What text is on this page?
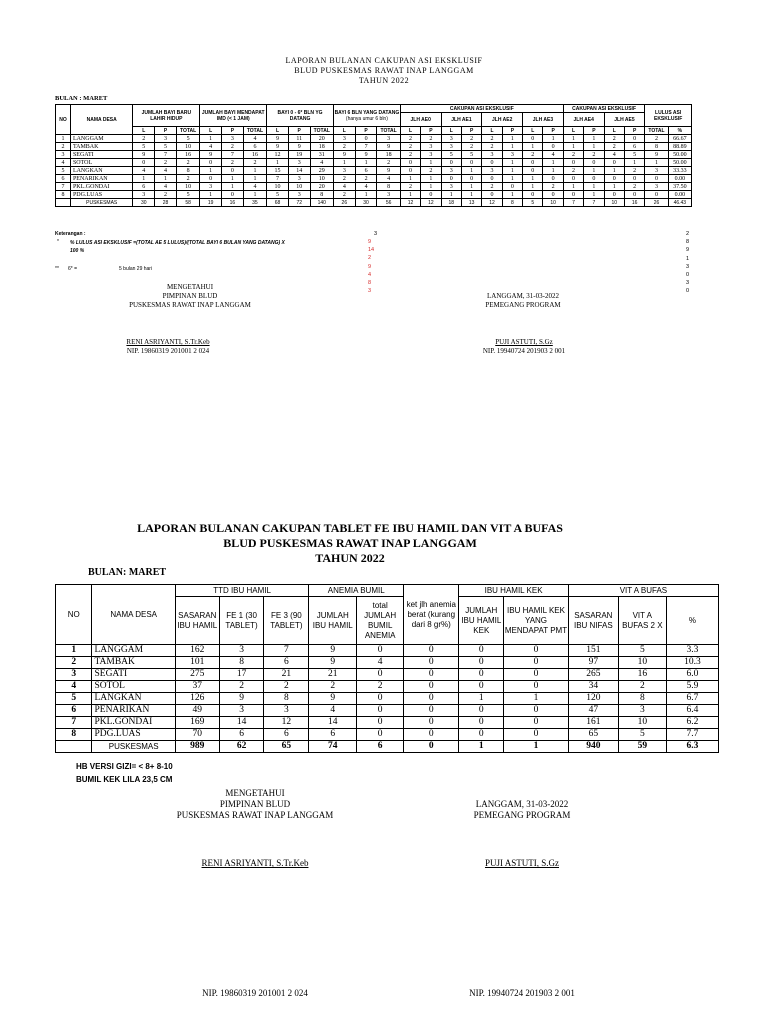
LAPORAN BULANAN CAKUPAN ASI EKSKLUSIF
BLUD PUSKESMAS RAWAT INAP LANGGAM
TAHUN 2022
BULAN : MARET
NO	NAMA DESA	JUMLAH BAYI BARU LAHIR HIDUP			JUMLAH BAYI MENDAPAT IMD (< 1 JAM)			BAYI 0 - 6* BLN YG DATANG			BAYI 6 BLN YANG DATANG
(hanya umur 6 bln)			CAKUPAN ASI EKSKLUSIF								CAKUPAN ASI EKSKLUSIF				LULUS ASI EKSKLUSIF	
														JLH AE0		JLH AE1		JLH AE2		JLH AE3		JLH AE4		JLH AE5			
		L	P	TOTAL	L	P	TOTAL	L	P	TOTAL	L	P	TOTAL	L	P	L	P	L	P	L	P	L	P	L	P	TOTAL	%
1	LANGGAM	2	3	5	1	3	4	9	11	20	3	0	3	2	2	3	2	2	1	0	1	1	1	2	0	2	66.67
2	TAMBAK	5	5	10	4	2	6	9	9	18	2	7	9	2	3	3	2	2	1	1	0	1	1	2	6	8	88.89
3	SEGATI	9	7	16	9	7	16	12	19	31	9	9	18	2	3	5	5	3	3	2	4	2	2	4	5	9	50.00
4	SOTOL	0	2	2	0	2	2	1	3	4	1	1	2	0	1	0	0	0	1	0	1	0	0	0	1	1	50.00
5	LANGKAN	4	4	8	1	0	1	15	14	29	3	6	9	0	2	3	1	3	1	0	1	2	1	1	2	3	33.33
6	PENARIKAN	1	1	2	0	1	1	7	3	10	2	2	4	1	1	0	0	0	1	1	0	0	0	0	0	0	0.00
7	PKL.GONDAI	6	4	10	3	1	4	10	10	20	4	4	8	2	1	3	1	2	0	1	2	1	1	1	2	3	37.50
8	PDG.LUAS	3	2	5	1	0	1	5	3	8	2	1	3	1	0	1	1	0	1	0	0	0	1	0	0	0	0.00
	PUSKESMAS	30	28	58	19	16	35	68	72	140	26	30	56	12	12	18	13	12	8	5	10	7	7	10	16	26	46.43
Keterangan :
* % LULUS ASI EKSKLUSIF =(TOTAL AE 5 LULUS)/(TOTAL BAYI 6 BULAN YANG DATANG) X 100 %
** 6* =	5 bulan 29 hari
3
9
14
2
9
4
8
3
2
8
9
1
3
0
3
0
MENGETAHUI
PIMPINAN BLUD
PUSKESMAS RAWAT INAP LANGGAM
LANGGAM, 31-03-2022
PEMEGANG PROGRAM
RENI ASRIYANTI, S.Tr.Keb
NIP. 19860319 201001 2 024
PUJI ASTUTI, S.Gz
NIP. 19940724 201903 2 001
LAPORAN BULANAN CAKUPAN TABLET FE IBU HAMIL DAN VIT A BUFAS
BLUD PUSKESMAS RAWAT INAP LANGGAM
TAHUN 2022
BULAN: MARET
NO	NAMA DESA	TTD IBU HAMIL			ANEMIA BUMIL		ket jlh anemia berat (kurang dari 8 gr%)	IBU HAMIL KEK		VIT A BUFAS		
		SASARAN IBU HAMIL	FE 1 (30 TABLET)	FE 3 (90 TABLET)	JUMLAH IBU HAMIL	total JUMLAH BUMIL ANEMIA		JUMLAH IBU HAMIL KEK	IBU HAMIL KEK YANG MENDAPAT PMT	SASARAN IBU NIFAS	VIT A BUFAS 2 X	%
1	LANGGAM	162	3	7	9	0	0	0	0	151	5	3.3
2	TAMBAK	101	8	6	9	4	0	0	0	97	10	10.3
3	SEGATI	275	17	21	21	0	0	0	0	265	16	6.0
4	SOTOL	37	2	2	2	2	0	0	0	34	2	5.9
5	LANGKAN	126	9	8	9	0	0	1	1	120	8	6.7
6	PENARIKAN	49	3	3	4	0	0	0	0	47	3	6.4
7	PKL.GONDAI	169	14	12	14	0	0	0	0	161	10	6.2
8	PDG.LUAS	70	6	6	6	0	0	0	0	65	5	7.7
	PUSKESMAS	989	62	65	74	6	0	1	1	940	59	6.3
HB VERSI GIZI= < 8+ 8-10
BUMIL KEK LILA 23,5 CM
MENGETAHUI
PIMPINAN BLUD
PUSKESMAS RAWAT INAP LANGGAM
LANGGAM, 31-03-2022
PEMEGANG PROGRAM
RENI ASRIYANTI, S.Tr.Keb	PUJI ASTUTI, S.Gz
NIP. 19860319 201001 2 024	NIP. 19940724 201903 2 001
